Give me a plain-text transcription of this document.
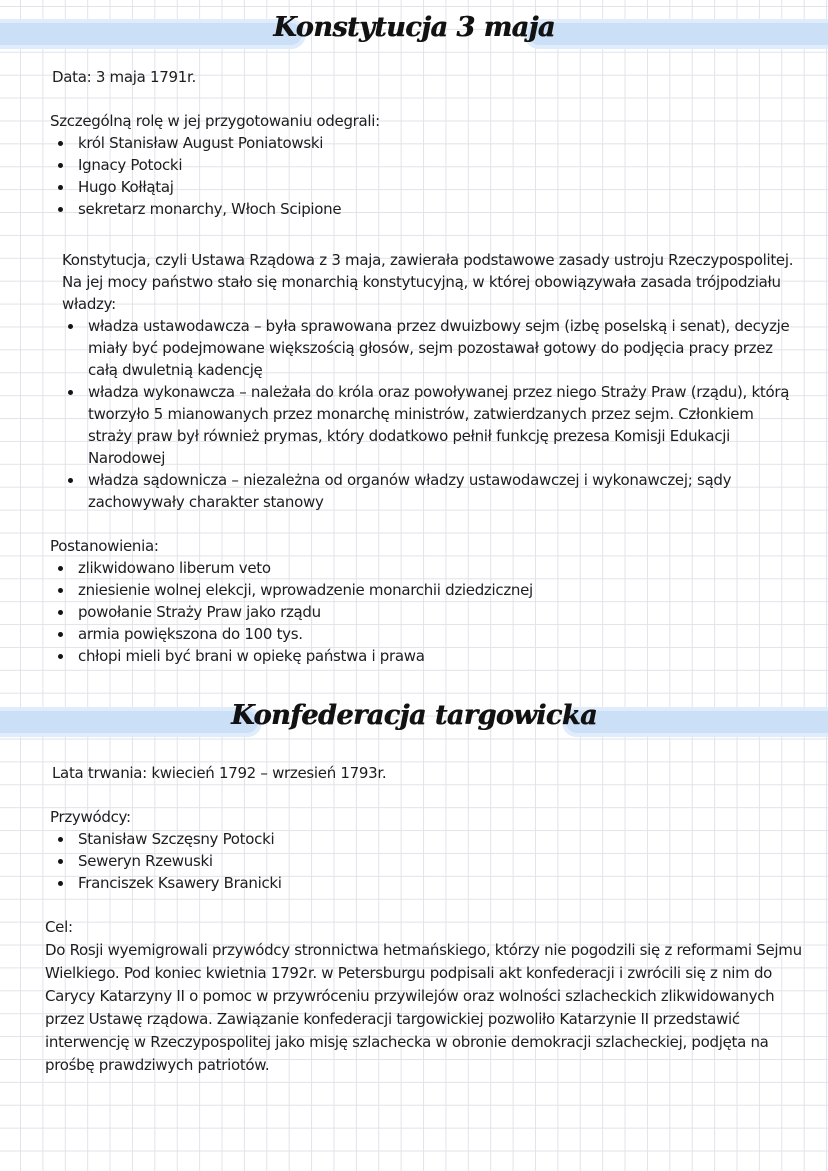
Konstytucja 3 maja

Data: 3 maja 1791r.

Szczególną rolę w jej przygotowaniu odegrali:

król Stanisław August Poniatowski
Ignacy Potocki
Hugo Kołłątaj
sekretarz monarchy, Włoch Scipione

Konstytucja, czyli Ustawa Rządowa z 3 maja, zawierała podstawowe zasady ustroju Rzeczypospolitej. Na jej mocy państwo stało się monarchią konstytucyjną, w której obowiązywała zasada trójpodziału władzy:

władza ustawodawcza – była sprawowana przez dwuizbowy sejm (izbę poselską i senat), decyzje miały być podejmowane większością głosów, sejm pozostawał gotowy do podjęcia pracy przez całą dwuletnią kadencję
władza wykonawcza – należała do króla oraz powoływanej przez niego Straży Praw (rządu), którą tworzyło 5 mianowanych przez monarchę ministrów, zatwierdzanych przez sejm. Członkiem straży praw był również prymas, który dodatkowo pełnił funkcję prezesa Komisji Edukacji Narodowej
władza sądownicza – niezależna od organów władzy ustawodawczej i wykonawczej; sądy zachowywały charakter stanowy

Postanowienia:

zlikwidowano liberum veto
zniesienie wolnej elekcji, wprowadzenie monarchii dziedzicznej
powołanie Straży Praw jako rządu
armia powiększona do 100 tys.
chłopi mieli być brani w opiekę państwa i prawa
Konfederacja targowicka

Lata trwania: kwiecień 1792 – wrzesień 1793r.

Przywódcy:

Stanisław Szczęsny Potocki
Seweryn Rzewuski
Franciszek Ksawery Branicki

Cel:

Do Rosji wyemigrowali przywódcy stronnictwa hetmańskiego, którzy nie pogodzili się z reformami Sejmu Wielkiego. Pod koniec kwietnia 1792r. w Petersburgu podpisali akt konfederacji i zwrócili się z nim do Carycy Katarzyny II o pomoc w przywróceniu przywilejów oraz wolności szlacheckich zlikwidowanych przez Ustawę rządowa. Zawiązanie konfederacji targowickiej pozwoliło Katarzynie II przedstawić interwencję w Rzeczypospolitej jako misję szlachecka w obronie demokracji szlacheckiej, podjęta na prośbę prawdziwych patriotów.
